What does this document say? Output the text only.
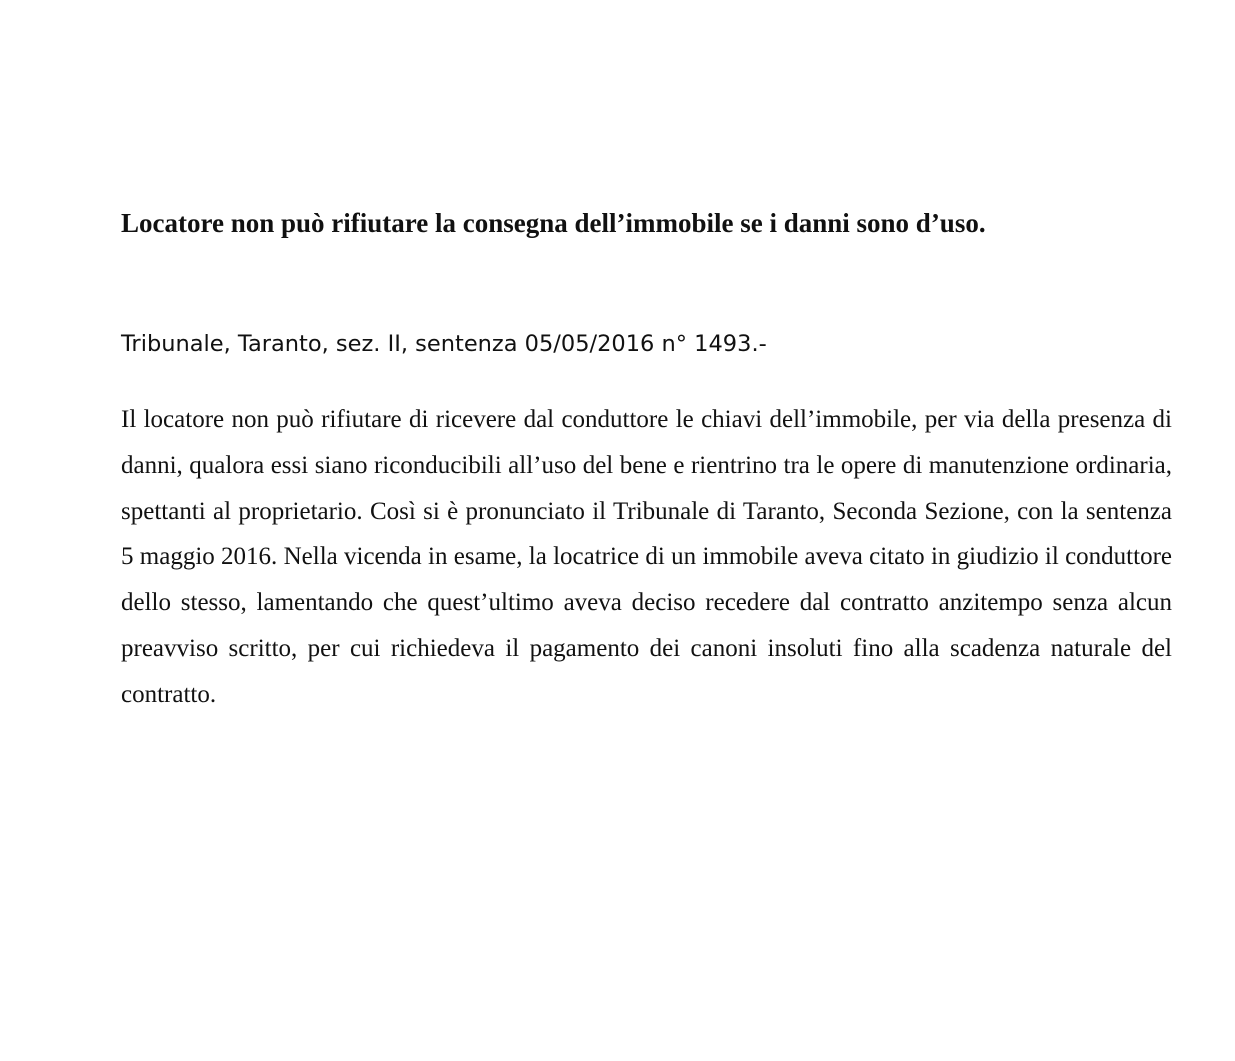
Locatore non può rifiutare la consegna dell’immobile se i danni sono d’uso.

Tribunale, Taranto, sez. II, sentenza 05/05/2016 n° 1493.-

Il locatore non può rifiutare di ricevere dal conduttore le chiavi dell’immobile, per via della presenza di danni, qualora essi siano riconducibili all’uso del bene e rientrino tra le opere di manutenzione ordinaria, spettanti al proprietario. Così si è pronunciato il Tribunale di Taranto, Seconda Sezione, con la sentenza 5 maggio 2016. Nella vicenda in esame, la locatrice di un immobile aveva citato in giudizio il conduttore dello stesso, lamentando che quest’ultimo aveva deciso recedere dal contratto anzitempo senza alcun preavviso scritto, per cui richiedeva il pagamento dei canoni insoluti fino alla scadenza naturale del contratto.
